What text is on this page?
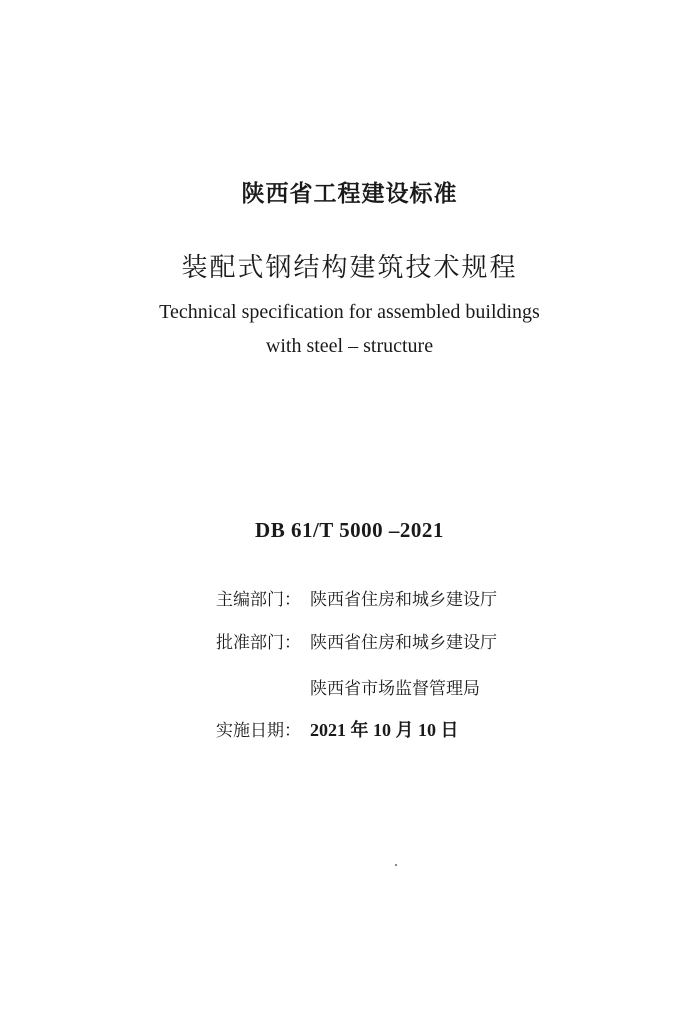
陕西省工程建设标准
装配式钢结构建筑技术规程
Technical specification for assembled buildings
with steel – structure
DB 61/T 5000 –2021
主编部门： 陕西省住房和城乡建设厅
批准部门： 陕西省住房和城乡建设厅
陕西省市场监督管理局
实施日期： 2021 年 10 月 10 日
